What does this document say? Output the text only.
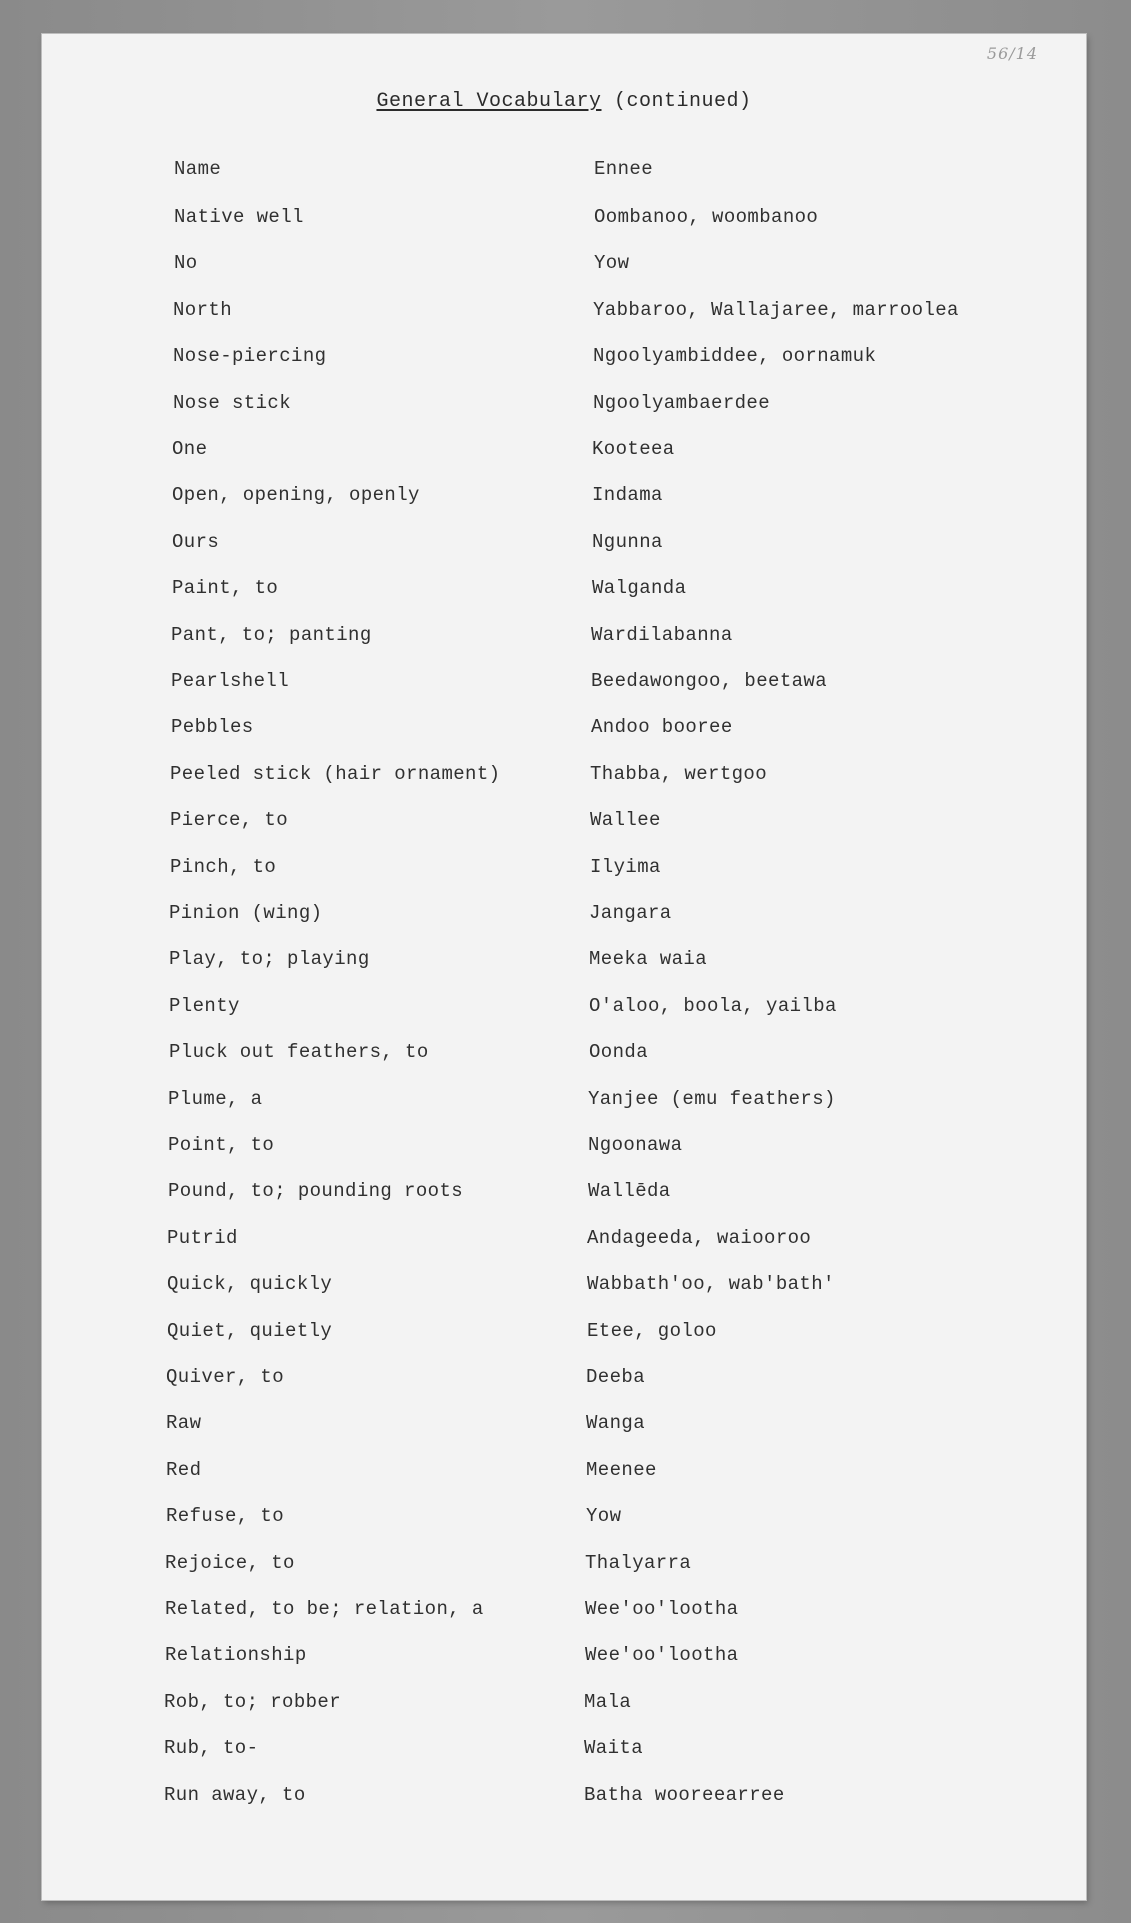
56/14
General Vocabulary (continued)
Name	Ennee
Native well	Oombanoo, woombanoo
No	Yow
North	Yabbaroo, Wallajaree, marroolea
Nose-piercing	Ngoolyambiddee, oornamuk
Nose stick	Ngoolyambaerdee
One	Kooteea
Open, opening, openly	Indama
Ours	Ngunna
Paint, to	Walganda
Pant, to; panting	Wardilabanna
Pearlshell	Beedawongoo, beetawa
Pebbles	Andoo booree
Peeled stick (hair ornament)	Thabba, wertgoo
Pierce, to	Wallee
Pinch, to	Ilyima
Pinion (wing)	Jangara
Play, to; playing	Meeka waia
Plenty	O'aloo, boola, yailba
Pluck out feathers, to	Oonda
Plume, a	Yanjee (emu feathers)
Point, to	Ngoonawa
Pound, to; pounding roots	Wallēda
Putrid	Andageeda, waiooroo
Quick, quickly	Wabbath'oo, wab'bath'
Quiet, quietly	Etee, goloo
Quiver, to	Deeba
Raw	Wanga
Red	Meenee
Refuse, to	Yow
Rejoice, to	Thalyarra
Related, to be; relation, a	Wee'oo'lootha
Relationship	Wee'oo'lootha
Rob, to; robber	Mala
Rub, to-	Waita
Run away, to	Batha wooreearree
